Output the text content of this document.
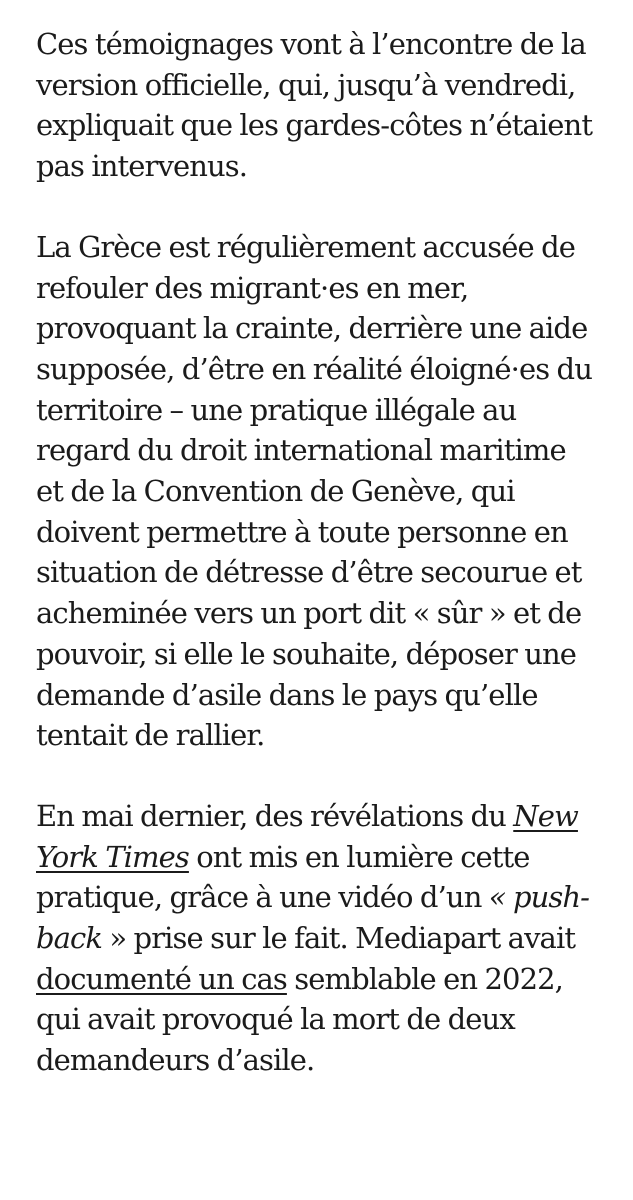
Ces témoignages vont à l’encontre de la
version officielle, qui, jusqu’à vendredi,
expliquait que les gardes-côtes n’étaient
pas intervenus.

La Grèce est régulièrement accusée de
refouler des migrant·es en mer,
provoquant la crainte, derrière une aide
supposée, d’être en réalité éloigné·es du
territoire – une pratique illégale au
regard du droit international maritime
et de la Convention de Genève, qui
doivent permettre à toute personne en
situation de détresse d’être secourue et
acheminée vers un port dit « sûr » et de
pouvoir, si elle le souhaite, déposer une
demande d’asile dans le pays qu’elle
tentait de rallier.

En mai dernier, des révélations du New
York Times ont mis en lumière cette
pratique, grâce à une vidéo d’un « push-
back » prise sur le fait. Mediapart avait
documenté un cas semblable en 2022,
qui avait provoqué la mort de deux
demandeurs d’asile.
